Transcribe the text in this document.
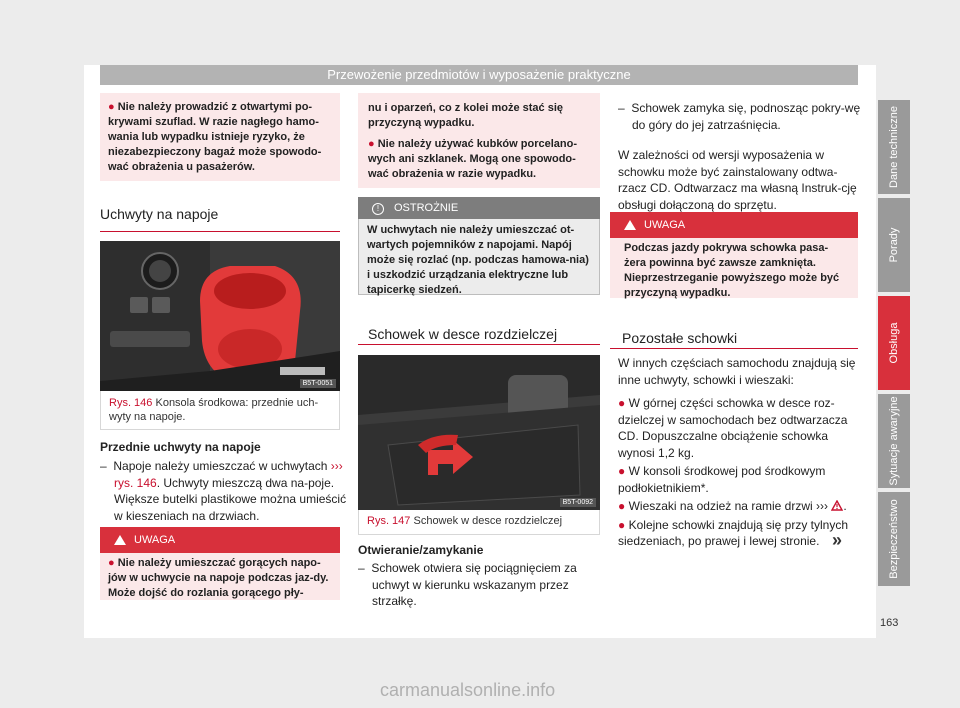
Przewożenie przedmiotów i wyposażenie praktyczne

● Nie należy prowadzić z otwartymi po-krywami szuflad. W razie nagłego hamo-wania lub wypadku istnieje ryzyko, że niezabezpieczony bagaż może spowodo-wać obrażenia u pasażerów.

Uchwyty na napoje
B5T-0051

Rys. 146 Konsola środkowa: przednie uch-wyty na napoje.

Przednie uchwyty na napoje

– Napoje należy umieszczać w uchwytach ››› rys. 146. Uchwyty mieszczą dwa na-poje. Większe butelki plastikowe można umieścić w kieszeniach na drzwiach.

UWAGA

● Nie należy umieszczać gorących napo-jów w uchwycie na napoje podczas jaz-dy. Może dojść do rozlania gorącego pły-

nu i oparzeń, co z kolei może stać się przyczyną wypadku.

● Nie należy używać kubków porcelano-wych ani szklanek. Mogą one spowodo-wać obrażenia w razie wypadku.

! OSTROŻNIE

W uchwytach nie należy umieszczać ot-wartych pojemników z napojami. Napój może się rozlać (np. podczas hamowa-nia) i uszkodzić urządzania elektryczne lub tapicerkę siedzeń.

Schowek w desce rozdzielczej
B5T-0092

Rys. 147 Schowek w desce rozdzielczej

Otwieranie/zamykanie

– Schowek otwiera się pociągnięciem za uchwyt w kierunku wskazanym przez strzałkę.

– Schowek zamyka się, podnosząc pokry-wę do góry do jej zatrzaśnięcia.

W zależności od wersji wyposażenia w schowku może być zainstalowany odtwa-rzacz CD. Odtwarzacz ma własną Instruk-cję obsługi dołączoną do sprzętu.

UWAGA

Podczas jazdy pokrywa schowka pasa-żera powinna być zawsze zamknięta. Nieprzestrzeganie powyższego może być przyczyną wypadku.

Pozostałe schowki

W innych częściach samochodu znajdują się inne uchwyty, schowki i wieszaki:

● W górnej części schowka w desce roz-dzielczej w samochodach bez odtwarzacza CD. Dopuszczalne obciążenie schowka wynosi 1,2 kg.

● W konsoli środkowej pod środkowym podłokietnikiem*.

● Wieszaki na odzież na ramie drzwi ››› .

● Kolejne schowki znajdują się przy tylnych siedzeniach, po prawej i lewej stronie. »
Dane techniczne
Porady
Obsługa
Sytuacje awaryjne
Bezpieczeństwo
163
carmanualsonline.info
